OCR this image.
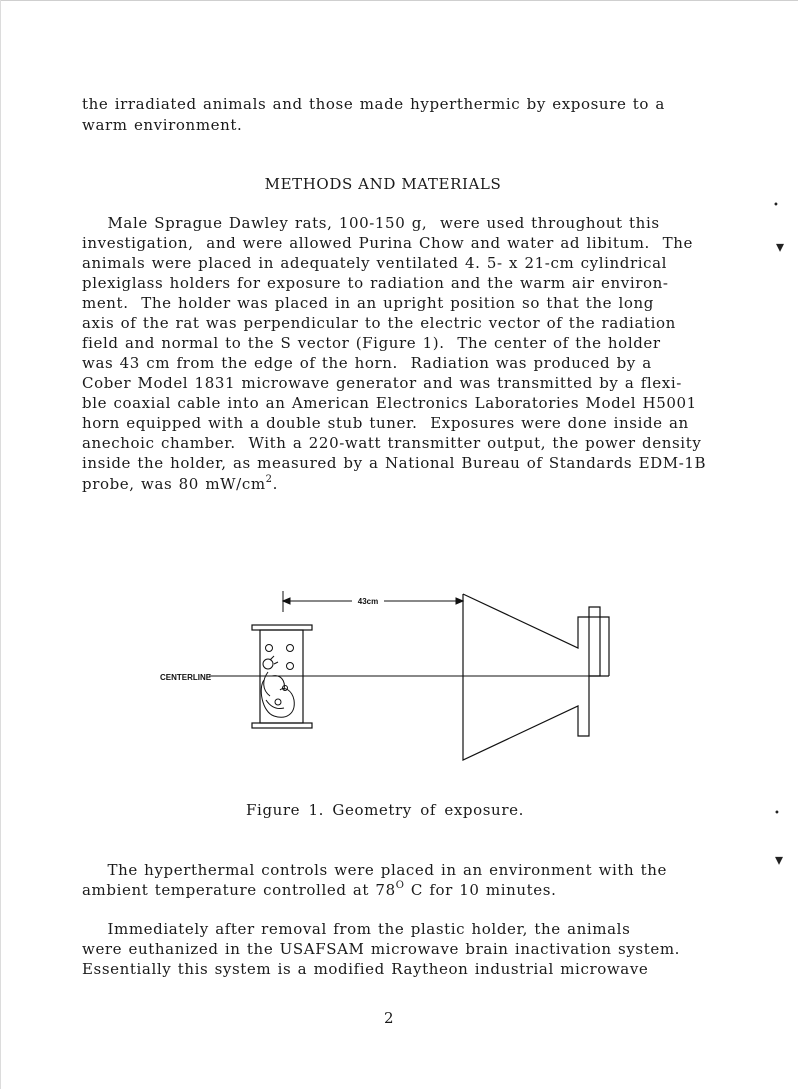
the irradiated animals and those made hyperthermic by exposure to a
warm environment.
METHODS AND MATERIALS
Male Sprague Dawley rats, 100-150 g,  were used throughout this
investigation,  and were allowed Purina Chow and water ad libitum.  The
animals were placed in adequately ventilated 4. 5- x 21-cm cylindrical
plexiglass holders for exposure to radiation and the warm air environ-
ment.  The holder was placed in an upright position so that the long
axis of the rat was perpendicular to the electric vector of the radiation
field and normal to the S vector (Figure 1).  The center of the holder
was 43 cm from the edge of the horn.  Radiation was produced by a
Cober Model 1831 microwave generator and was transmitted by a flexi-
ble coaxial cable into an American Electronics Laboratories Model H5001
horn equipped with a double stub tuner.  Exposures were done inside an
anechoic chamber.  With a 220-watt transmitter output, the power density
inside the holder, as measured by a National Bureau of Standards EDM-1B
probe, was 80 $mW/cm^2$.
43cm
CENTERLINE
Figure 1. Geometry of exposure.
The hyperthermal controls were placed in an environment with the
ambient temperature controlled at $78^O$ C for 10 minutes.
Immediately after removal from the plastic holder, the animals
were euthanized in the USAFSAM microwave brain inactivation system.
Essentially this system is a modified Raytheon industrial microwave
2
•
▾
•
▾
